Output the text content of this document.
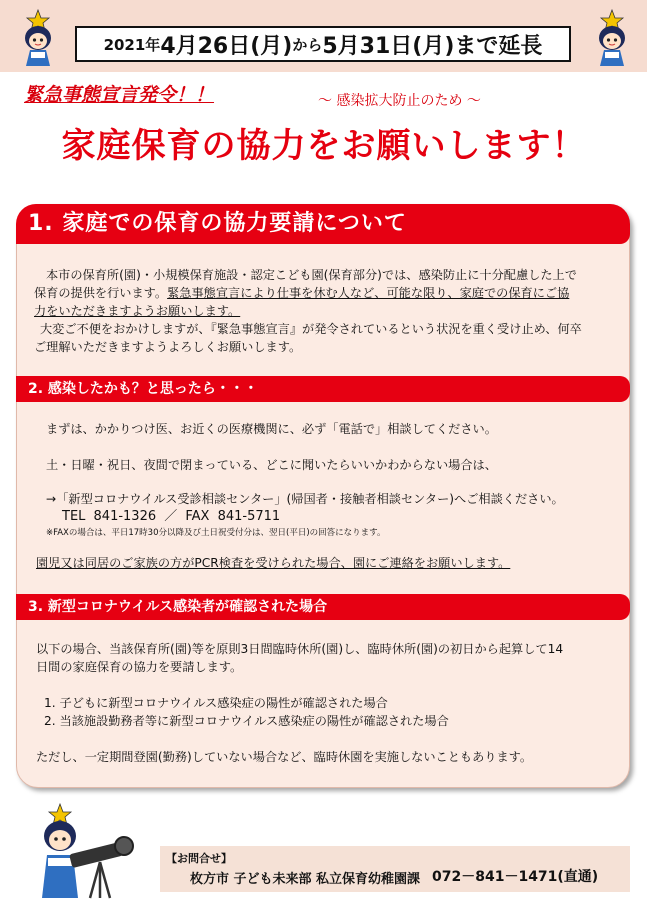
2021年 4月26日(月) から 5月31日(月) まで延長
緊急事態宣言発令！！	～ 感染拡大防止のため ～
家庭保育の協力をお願いします！
1. 家庭での保育の協力要請について
本市の保育所(園)・小規模保育施設・認定こども園(保育部分)では、感染防止に十分配慮した上で
保育の提供を行います。緊急事態宣言により仕事を休む人など、可能な限り、家庭での保育にご協
力をいただきますようお願いします。
大変ご不便をおかけしますが、『緊急事態宣言』が発令されているという状況を重く受け止め、何卒
ご理解いただきますようよろしくお願いします。
2. 感染したかも？と思ったら・・・
まずは、かかりつけ医、お近くの医療機関に、必ず「電話で」相談してください。
土・日曜・祝日、夜間で閉まっている、どこに聞いたらいいかわからない場合は、
→「新型コロナウイルス受診相談センター」(帰国者・接触者相談センター)へご相談ください。
TEL 841-1326 ／ FAX 841-5711
※FAXの場合は、平日17時30分以降及び土日祝受付分は、翌日(平日)の回答になります。
園児又は同居のご家族の方がPCR検査を受けられた場合、園にご連絡をお願いします。
3. 新型コロナウイルス感染者が確認された場合
以下の場合、当該保育所(園)等を原則3日間臨時休所(園)し、臨時休所(園)の初日から起算して14
日間の家庭保育の協力を要請します。
1. 子どもに新型コロナウイルス感染症の陽性が確認された場合
2. 当該施設勤務者等に新型コロナウイルス感染症の陽性が確認された場合
ただし、一定期間登園(勤務)していない場合など、臨時休園を実施しないこともあります。
【お問合せ】
枚方市 子ども未来部 私立保育幼稚園課 072－841－1471(直通)
